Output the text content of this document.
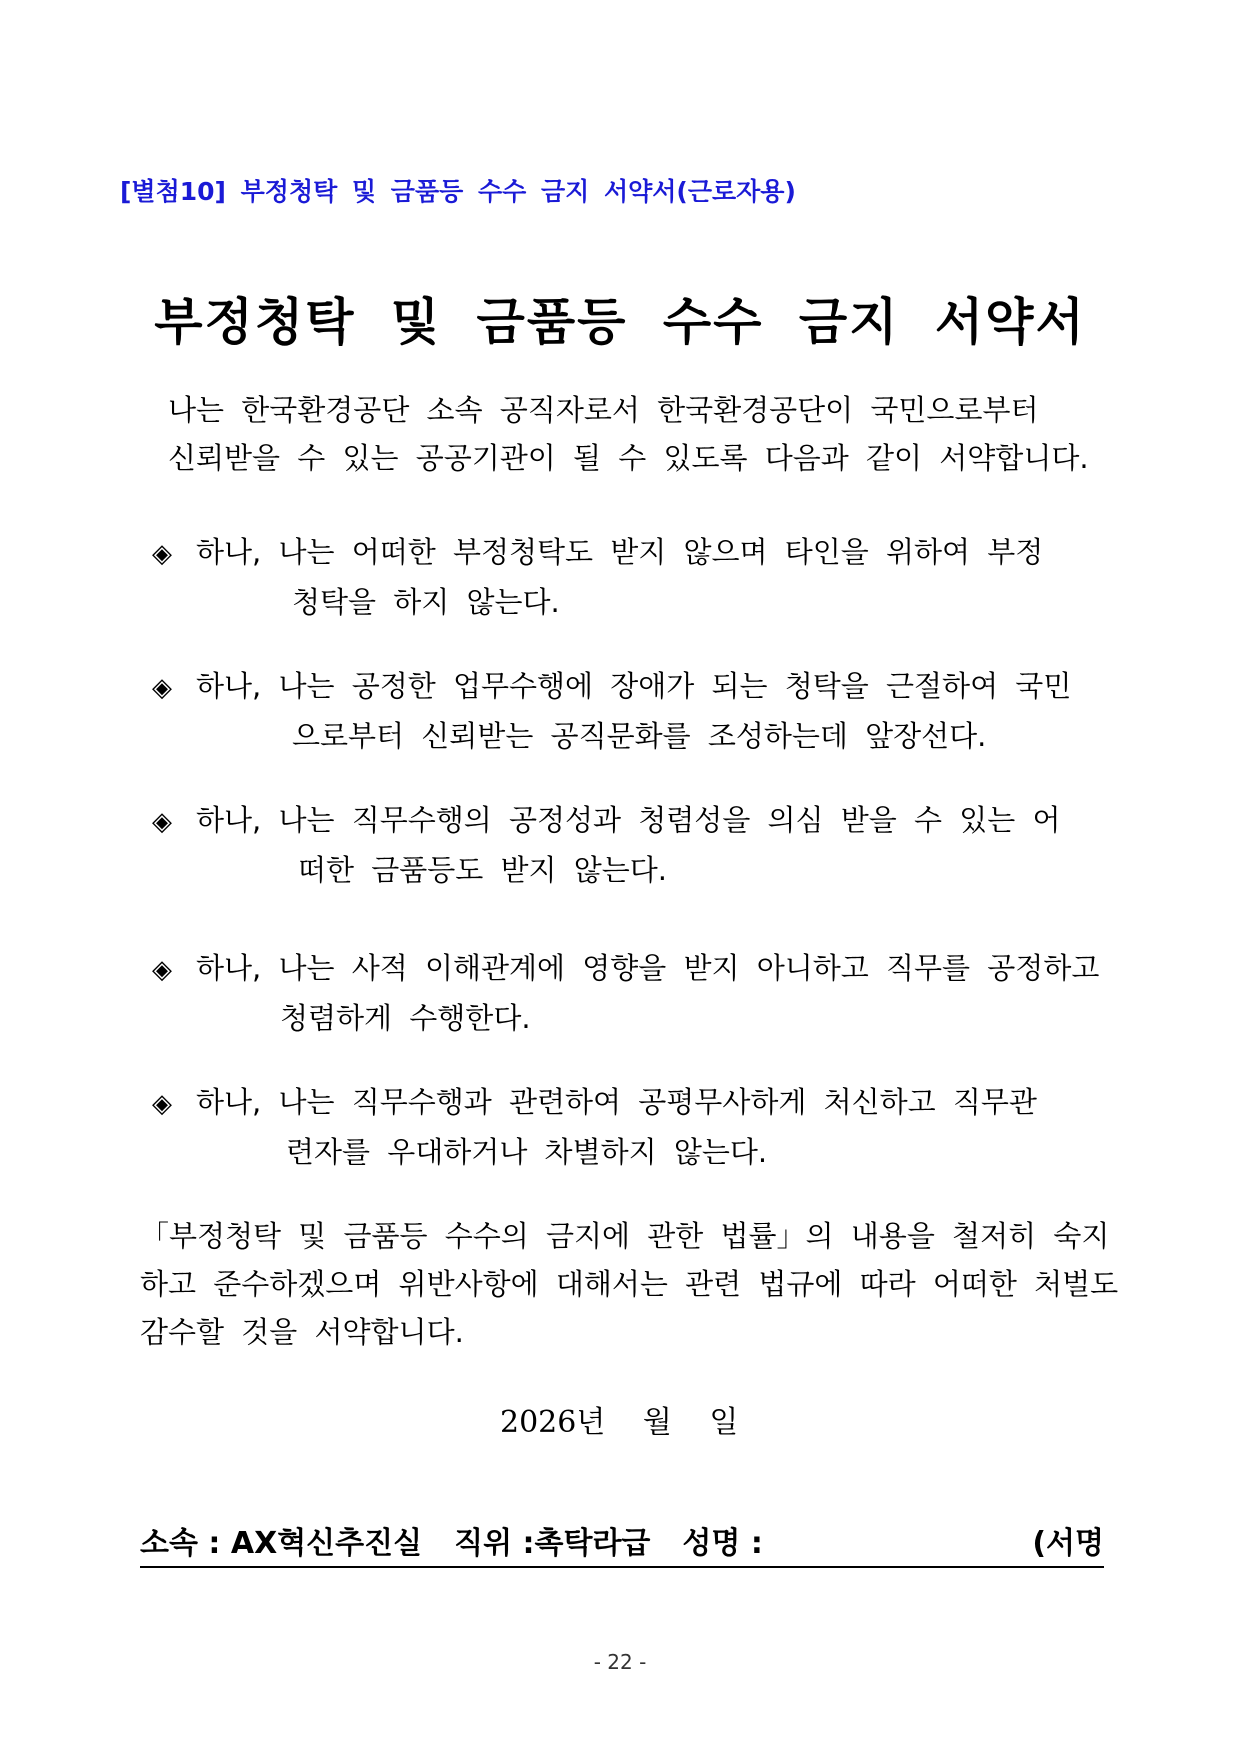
[별첨10] 부정청탁 및 금품등 수수 금지 서약서(근로자용)
부정청탁 및 금품등 수수 금지 서약서
나는 한국환경공단 소속 공직자로서 한국환경공단이 국민으로부터
신뢰받을 수 있는 공공기관이 될 수 있도록 다음과 같이 서약합니다.
◈ 하나, 나는 어떠한 부정청탁도 받지 않으며 타인을 위하여 부정
청탁을 하지 않는다.
◈ 하나, 나는 공정한 업무수행에 장애가 되는 청탁을 근절하여 국민
으로부터 신뢰받는 공직문화를 조성하는데 앞장선다.
◈ 하나, 나는 직무수행의 공정성과 청렴성을 의심 받을 수 있는 어
떠한 금품등도 받지 않는다.
◈ 하나, 나는 사적 이해관계에 영향을 받지 아니하고 직무를 공정하고
청렴하게 수행한다.
◈ 하나, 나는 직무수행과 관련하여 공평무사하게 처신하고 직무관
련자를 우대하거나 차별하지 않는다.
「부정청탁 및 금품등 수수의 금지에 관한 법률」의 내용을 철저히 숙지
하고 준수하겠으며 위반사항에 대해서는 관련 법규에 따라 어떠한 처벌도
감수할 것을 서약합니다.
2026년 월 일
소속 : AX혁신추진실 직위 :촉탁라급 성명 :	(서명
- 22 -
